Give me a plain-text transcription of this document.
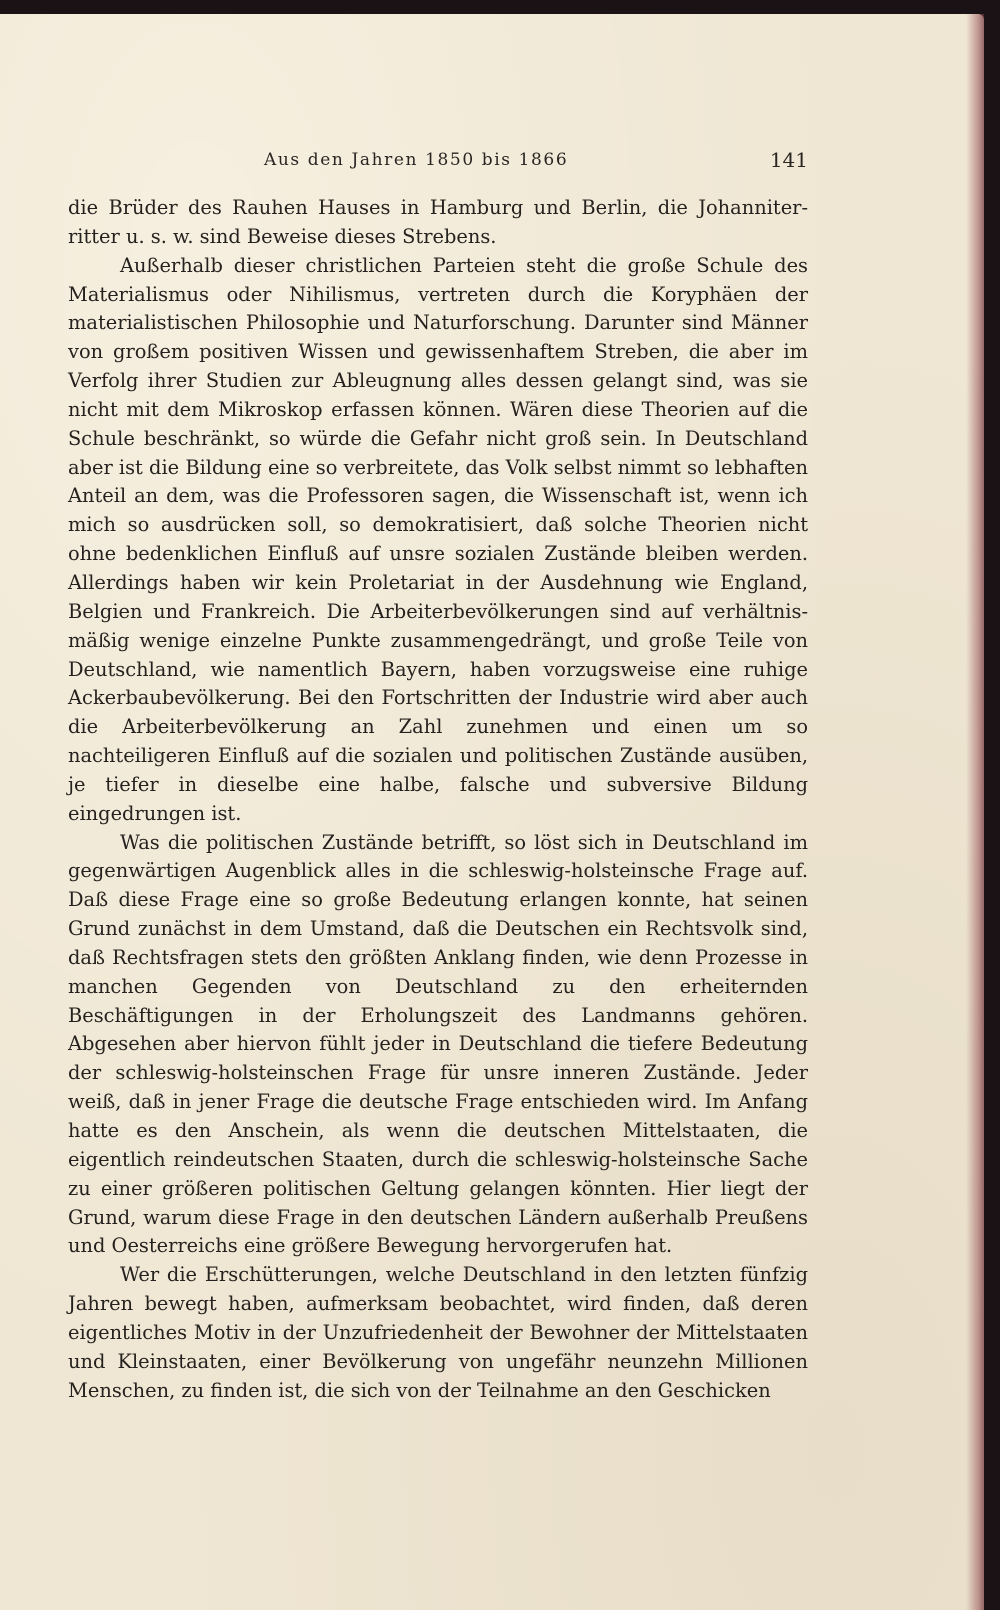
Aus den Jahren 1850 bis 1866	141

die Brüder des Rauhen Hauses in Hamburg und Berlin, die Johanniterritter u. s. w. sind Beweise dieses Strebens.

Außerhalb dieser christlichen Parteien steht die große Schule des Materialismus oder Nihilismus, vertreten durch die Koryphäen der materialistischen Philosophie und Naturforschung. Darunter sind Männer von großem positiven Wissen und gewissenhaftem Streben, die aber im Verfolg ihrer Studien zur Ableugnung alles dessen gelangt sind, was sie nicht mit dem Mikroskop erfassen können. Wären diese Theorien auf die Schule beschränkt, so würde die Gefahr nicht groß sein. In Deutschland aber ist die Bildung eine so verbreitete, das Volk selbst nimmt so lebhaften Anteil an dem, was die Professoren sagen, die Wissenschaft ist, wenn ich mich so ausdrücken soll, so demokratisiert, daß solche Theorien nicht ohne bedenklichen Einfluß auf unsre sozialen Zustände bleiben werden. Allerdings haben wir kein Proletariat in der Ausdehnung wie England, Belgien und Frankreich. Die Arbeiterbevölkerungen sind auf verhältnismäßig wenige einzelne Punkte zusammengedrängt, und große Teile von Deutschland, wie namentlich Bayern, haben vorzugsweise eine ruhige Ackerbaubevölkerung. Bei den Fortschritten der Industrie wird aber auch die Arbeiterbevölkerung an Zahl zunehmen und einen um so nachteiligeren Einfluß auf die sozialen und politischen Zustände ausüben, je tiefer in dieselbe eine halbe, falsche und subversive Bildung eingedrungen ist.

Was die politischen Zustände betrifft, so löst sich in Deutschland im gegenwärtigen Augenblick alles in die schleswig-holsteinsche Frage auf. Daß diese Frage eine so große Bedeutung erlangen konnte, hat seinen Grund zunächst in dem Umstand, daß die Deutschen ein Rechtsvolk sind, daß Rechtsfragen stets den größten Anklang finden, wie denn Prozesse in manchen Gegenden von Deutschland zu den erheiternden Beschäftigungen in der Erholungszeit des Landmanns gehören. Abgesehen aber hiervon fühlt jeder in Deutschland die tiefere Bedeutung der schleswig-holsteinschen Frage für unsre inneren Zustände. Jeder weiß, daß in jener Frage die deutsche Frage entschieden wird. Im Anfang hatte es den Anschein, als wenn die deutschen Mittelstaaten, die eigentlich reindeutschen Staaten, durch die schleswig-holsteinsche Sache zu einer größeren politischen Geltung gelangen könnten. Hier liegt der Grund, warum diese Frage in den deutschen Ländern außerhalb Preußens und Oesterreichs eine größere Bewegung hervorgerufen hat.

Wer die Erschütterungen, welche Deutschland in den letzten fünfzig Jahren bewegt haben, aufmerksam beobachtet, wird finden, daß deren eigentliches Motiv in der Unzufriedenheit der Bewohner der Mittelstaaten und Kleinstaaten, einer Bevölkerung von ungefähr neunzehn Millionen Menschen, zu finden ist, die sich von der Teilnahme an den Geschicken
